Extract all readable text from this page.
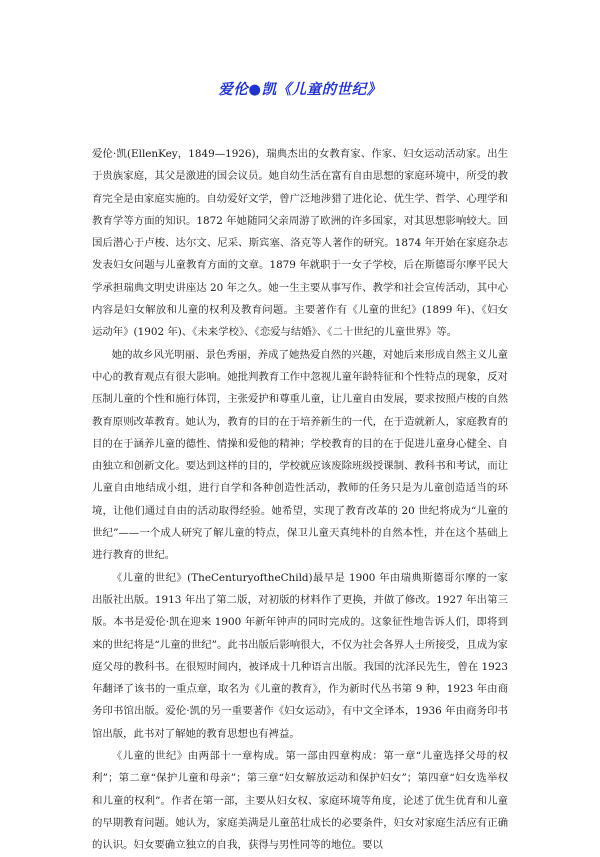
爱伦●凯《儿童的世纪》

爱伦·凯(EllenKey，1849—1926)，瑞典杰出的女教育家、作家、妇女运动活动家。出生于贵族家庭，其父是激进的国会议员。她自幼生活在富有自由思想的家庭环境中，所受的教育完全是由家庭实施的。自幼爱好文学，曾广泛地涉猎了进化论、优生学、哲学、心理学和教育学等方面的知识。1872 年她随同父亲周游了欧洲的许多国家，对其思想影响较大。回国后潜心于卢梭、达尔文、尼采、斯宾塞、洛克等人著作的研究。1874 年开始在家庭杂志发表妇女问题与儿童教育方面的文章。1879 年就职于一女子学校，后在斯德哥尔摩平民大学承担瑞典文明史讲座达 20 年之久。她一生主要从事写作、教学和社会宣传活动，其中心内容是妇女解放和儿童的权利及教育问题。主要著作有《儿童的世纪》(1899 年)、《妇女运动年》(1902 年)、《未来学校》、《恋爱与结婚》、《二十世纪的儿童世界》等。

她的故乡风光明丽、景色秀丽，养成了她热爱自然的兴趣，对她后来形成自然主义儿童中心的教育观点有很大影响。她批判教育工作中忽视儿童年龄特征和个性特点的现象，反对压制儿童的个性和施行体罚，主张爱护和尊重儿童，让儿童自由发展，要求按照卢梭的自然教育原则改革教育。她认为，教育的目的在于培养新生的一代，在于造就新人，家庭教育的目的在于涵养儿童的德性、情操和爱他的精神；学校教育的目的在于促进儿童身心健全、自由独立和创新文化。要达到这样的目的，学校就应该废除班级授课制、教科书和考试，而让儿童自由地结成小组，进行自学和各种创造性活动，教师的任务只是为儿童创造适当的环境，让他们通过自由的活动取得经验。她希望，实现了教育改革的 20 世纪将成为“儿童的世纪”——一个成人研究了解儿童的特点，保卫儿童天真纯朴的自然本性，并在这个基础上进行教育的世纪。

《儿童的世纪》(TheCenturyoftheChild)最早是 1900 年由瑞典斯德哥尔摩的一家出版社出版。1913 年出了第二版，对初版的材料作了更换，并做了修改。1927 年出第三版。本书是爱伦·凯在迎来 1900 年新年钟声的同时完成的。这象征性地告诉人们，即将到来的世纪将是“儿童的世纪”。此书出版后影响很大，不仅为社会各界人士所接受，且成为家庭父母的教科书。在很短时间内，被译成十几种语言出版。我国的沈泽民先生，曾在 1923 年翻译了该书的一重点章，取名为《儿童的教育》，作为新时代丛书第 9 种，1923 年由商务印书馆出版。爱伦·凯的另一重要著作《妇女运动》，有中文全译本，1936 年由商务印书馆出版，此书对了解她的教育思想也有裨益。

《儿童的世纪》由两部十一章构成。第一部由四章构成：第一章“儿童选择父母的权利”；第二章“保护儿童和母亲”；第三章“妇女解放运动和保护妇女”；第四章“妇女选举权和儿童的权利”。作者在第一部，主要从妇女权、家庭环境等角度，论述了优生优育和儿童的早期教育问题。她认为，家庭美满是儿童茁壮成长的必要条件，妇女对家庭生活应有正确的认识。妇女要确立独立的自我，获得与男性同等的地位。要以
